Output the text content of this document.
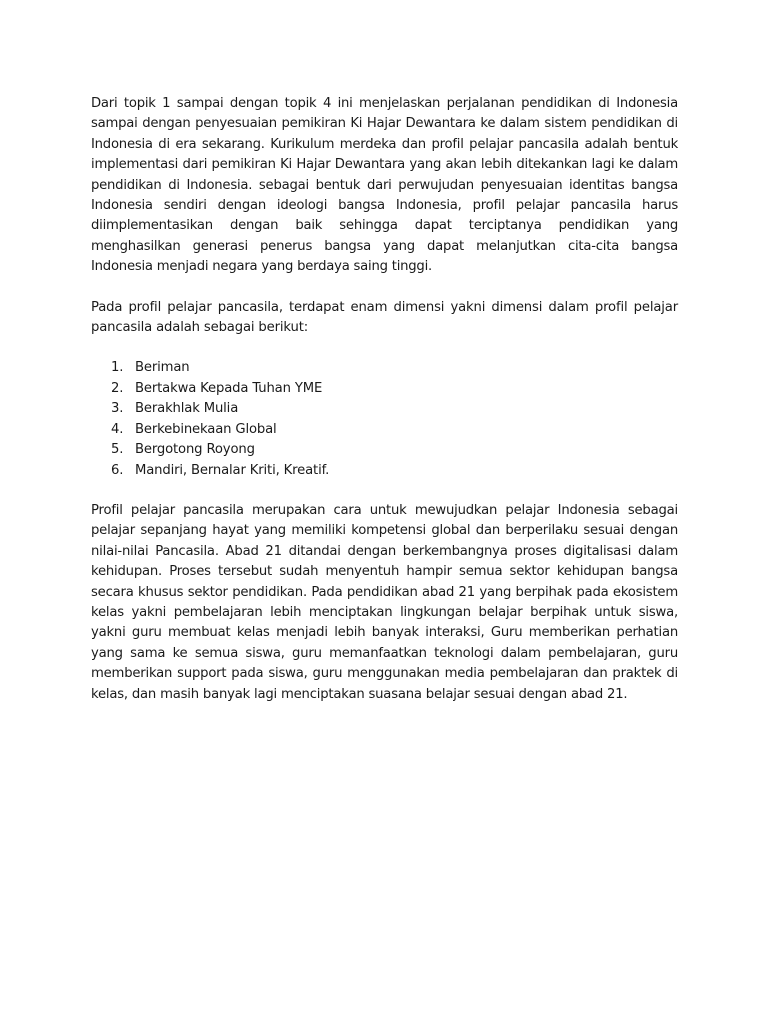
Dari topik 1 sampai dengan topik 4 ini menjelaskan perjalanan pendidikan di Indonesia sampai dengan penyesuaian pemikiran Ki Hajar Dewantara ke dalam sistem pendidikan di Indonesia di era sekarang. Kurikulum merdeka dan profil pelajar pancasila adalah bentuk implementasi dari pemikiran Ki Hajar Dewantara yang akan lebih ditekankan lagi ke dalam pendidikan di Indonesia. sebagai bentuk dari perwujudan penyesuaian identitas bangsa Indonesia sendiri dengan ideologi bangsa Indonesia, profil pelajar pancasila harus diimplementasikan dengan baik sehingga dapat terciptanya pendidikan yang menghasilkan generasi penerus bangsa yang dapat melanjutkan cita-cita bangsa Indonesia menjadi negara yang berdaya saing tinggi.

Pada profil pelajar pancasila, terdapat enam dimensi yakni dimensi dalam profil pelajar pancasila adalah sebagai berikut:

1. Beriman
2. Bertakwa Kepada Tuhan YME
3. Berakhlak Mulia
4. Berkebinekaan Global
5. Bergotong Royong
6. Mandiri, Bernalar Kriti, Kreatif.

Profil pelajar pancasila merupakan cara untuk mewujudkan pelajar Indonesia sebagai pelajar sepanjang hayat yang memiliki kompetensi global dan berperilaku sesuai dengan nilai-nilai Pancasila. Abad 21 ditandai dengan berkembangnya proses digitalisasi dalam kehidupan. Proses tersebut sudah menyentuh hampir semua sektor kehidupan bangsa secara khusus sektor pendidikan. Pada pendidikan abad 21 yang berpihak pada ekosistem kelas yakni pembelajaran lebih menciptakan lingkungan belajar berpihak untuk siswa, yakni guru membuat kelas menjadi lebih banyak interaksi, Guru memberikan perhatian yang sama ke semua siswa, guru memanfaatkan teknologi dalam pembelajaran, guru memberikan support pada siswa, guru menggunakan media pembelajaran dan praktek di kelas, dan masih banyak lagi menciptakan suasana belajar sesuai dengan abad 21.
